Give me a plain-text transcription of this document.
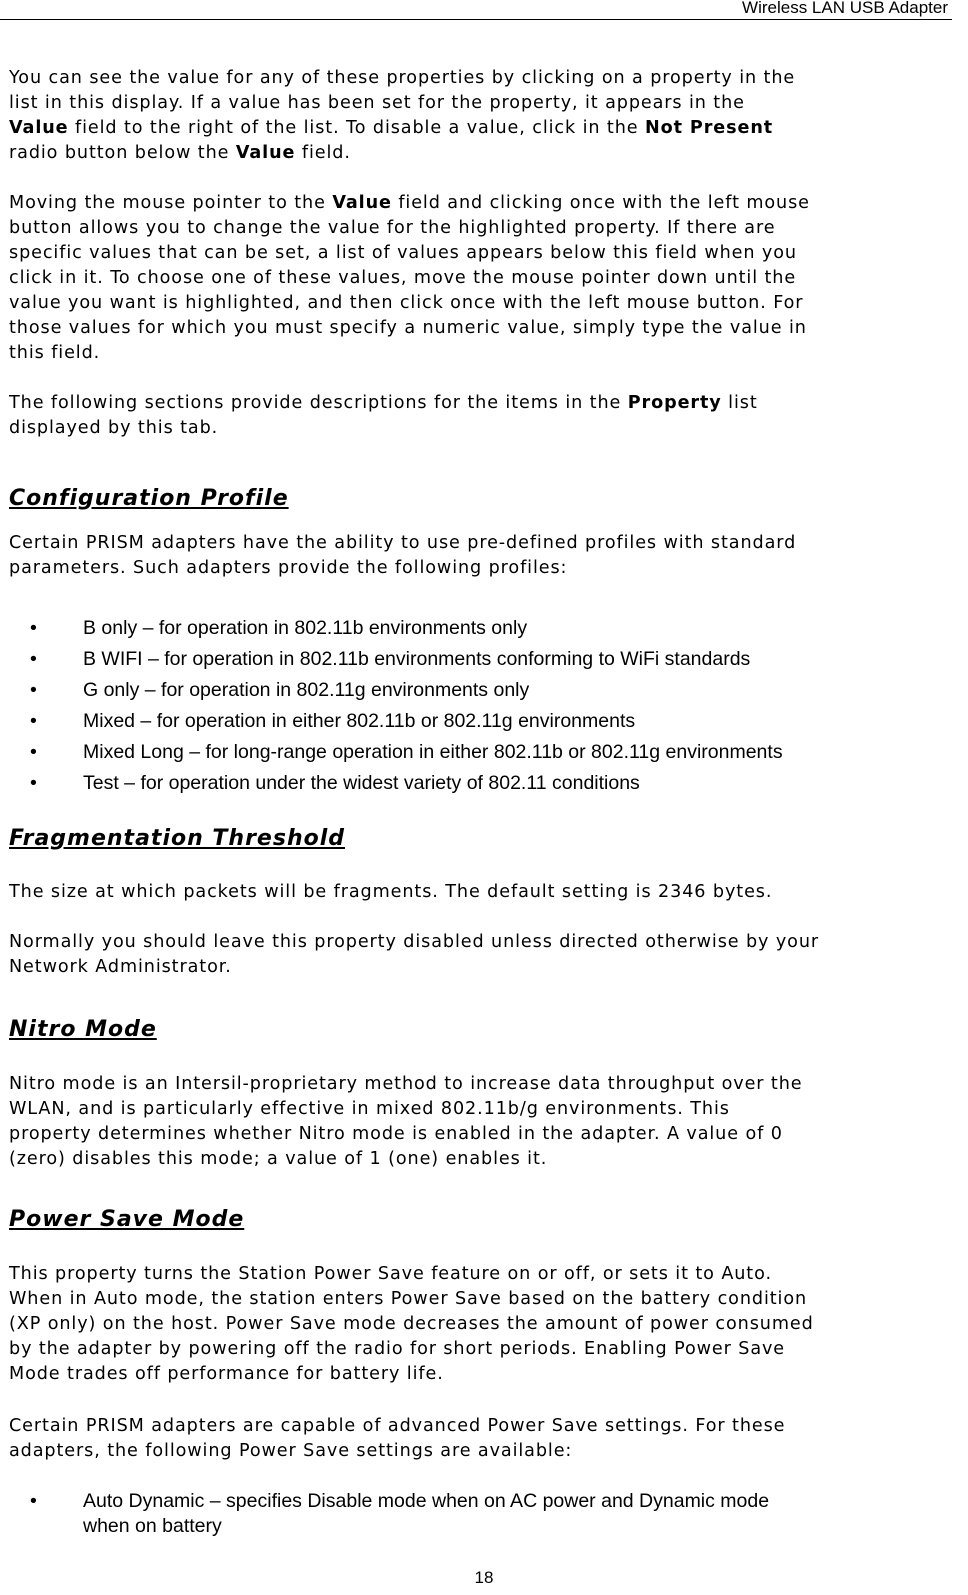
Wireless LAN USB Adapter

You can see the value for any of these properties by clicking on a property in the
list in this display. If a value has been set for the property, it appears in the
Value field to the right of the list. To disable a value, click in the Not Present
radio button below the Value field.

Moving the mouse pointer to the Value field and clicking once with the left mouse
button allows you to change the value for the highlighted property. If there are
specific values that can be set, a list of values appears below this field when you
click in it. To choose one of these values, move the mouse pointer down until the
value you want is highlighted, and then click once with the left mouse button. For
those values for which you must specify a numeric value, simply type the value in
this field.

The following sections provide descriptions for the items in the Property list
displayed by this tab.

Configuration Profile

Certain PRISM adapters have the ability to use pre-defined profiles with standard
parameters. Such adapters provide the following profiles:

• B only – for operation in 802.11b environments only
• B WIFI – for operation in 802.11b environments conforming to WiFi standards
• G only – for operation in 802.11g environments only
• Mixed – for operation in either 802.11b or 802.11g environments
• Mixed Long – for long-range operation in either 802.11b or 802.11g environments
• Test – for operation under the widest variety of 802.11 conditions
Fragmentation Threshold

The size at which packets will be fragments. The default setting is 2346 bytes.

Normally you should leave this property disabled unless directed otherwise by your
Network Administrator.

Nitro Mode

Nitro mode is an Intersil-proprietary method to increase data throughput over the
WLAN, and is particularly effective in mixed 802.11b/g environments. This
property determines whether Nitro mode is enabled in the adapter. A value of 0
(zero) disables this mode; a value of 1 (one) enables it.

Power Save Mode

This property turns the Station Power Save feature on or off, or sets it to Auto.
When in Auto mode, the station enters Power Save based on the battery condition
(XP only) on the host. Power Save mode decreases the amount of power consumed
by the adapter by powering off the radio for short periods. Enabling Power Save
Mode trades off performance for battery life.

Certain PRISM adapters are capable of advanced Power Save settings. For these
adapters, the following Power Save settings are available:

• Auto Dynamic – specifies Disable mode when on AC power and Dynamic mode
when on battery
18
